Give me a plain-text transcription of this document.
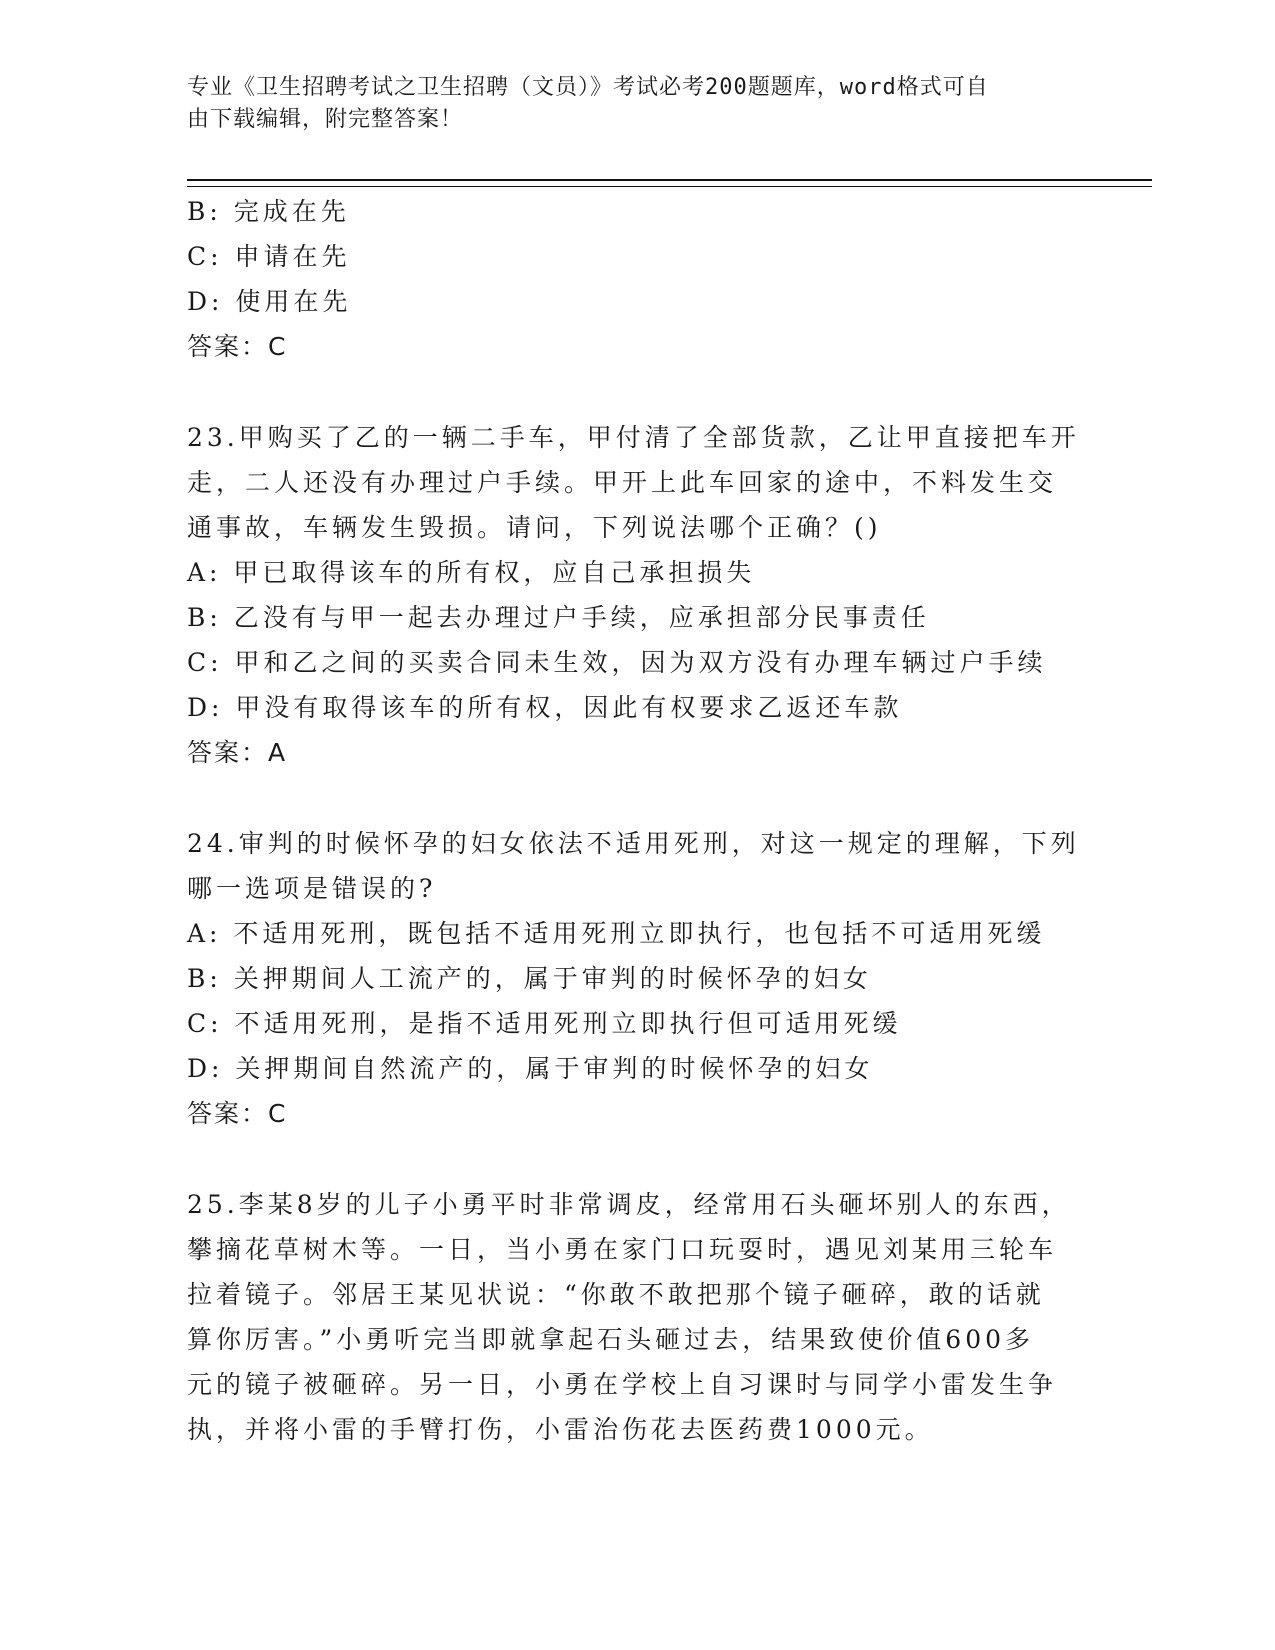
专业《卫生招聘考试之卫生招聘（文员）》考试必考200题题库，word格式可自
由下载编辑，附完整答案！
B: 完成在先
C: 申请在先
D: 使用在先
答案：C
23.甲购买了乙的一辆二手车，甲付清了全部货款，乙让甲直接把车开
走，二人还没有办理过户手续。甲开上此车回家的途中，不料发生交
通事故，车辆发生毁损。请问，下列说法哪个正确？()
A: 甲已取得该车的所有权，应自己承担损失
B: 乙没有与甲一起去办理过户手续，应承担部分民事责任
C: 甲和乙之间的买卖合同未生效，因为双方没有办理车辆过户手续
D: 甲没有取得该车的所有权，因此有权要求乙返还车款
答案：A
24.审判的时候怀孕的妇女依法不适用死刑，对这一规定的理解，下列
哪一选项是错误的?
A: 不适用死刑，既包括不适用死刑立即执行，也包括不可适用死缓
B: 关押期间人工流产的，属于审判的时候怀孕的妇女
C: 不适用死刑，是指不适用死刑立即执行但可适用死缓
D: 关押期间自然流产的，属于审判的时候怀孕的妇女
答案：C
25.李某8岁的儿子小勇平时非常调皮，经常用石头砸坏别人的东西，
攀摘花草树木等。一日，当小勇在家门口玩耍时，遇见刘某用三轮车
拉着镜子。邻居王某见状说：“你敢不敢把那个镜子砸碎，敢的话就
算你厉害。”小勇听完当即就拿起石头砸过去，结果致使价值600多
元的镜子被砸碎。另一日，小勇在学校上自习课时与同学小雷发生争
执，并将小雷的手臂打伤，小雷治伤花去医药费1000元。
